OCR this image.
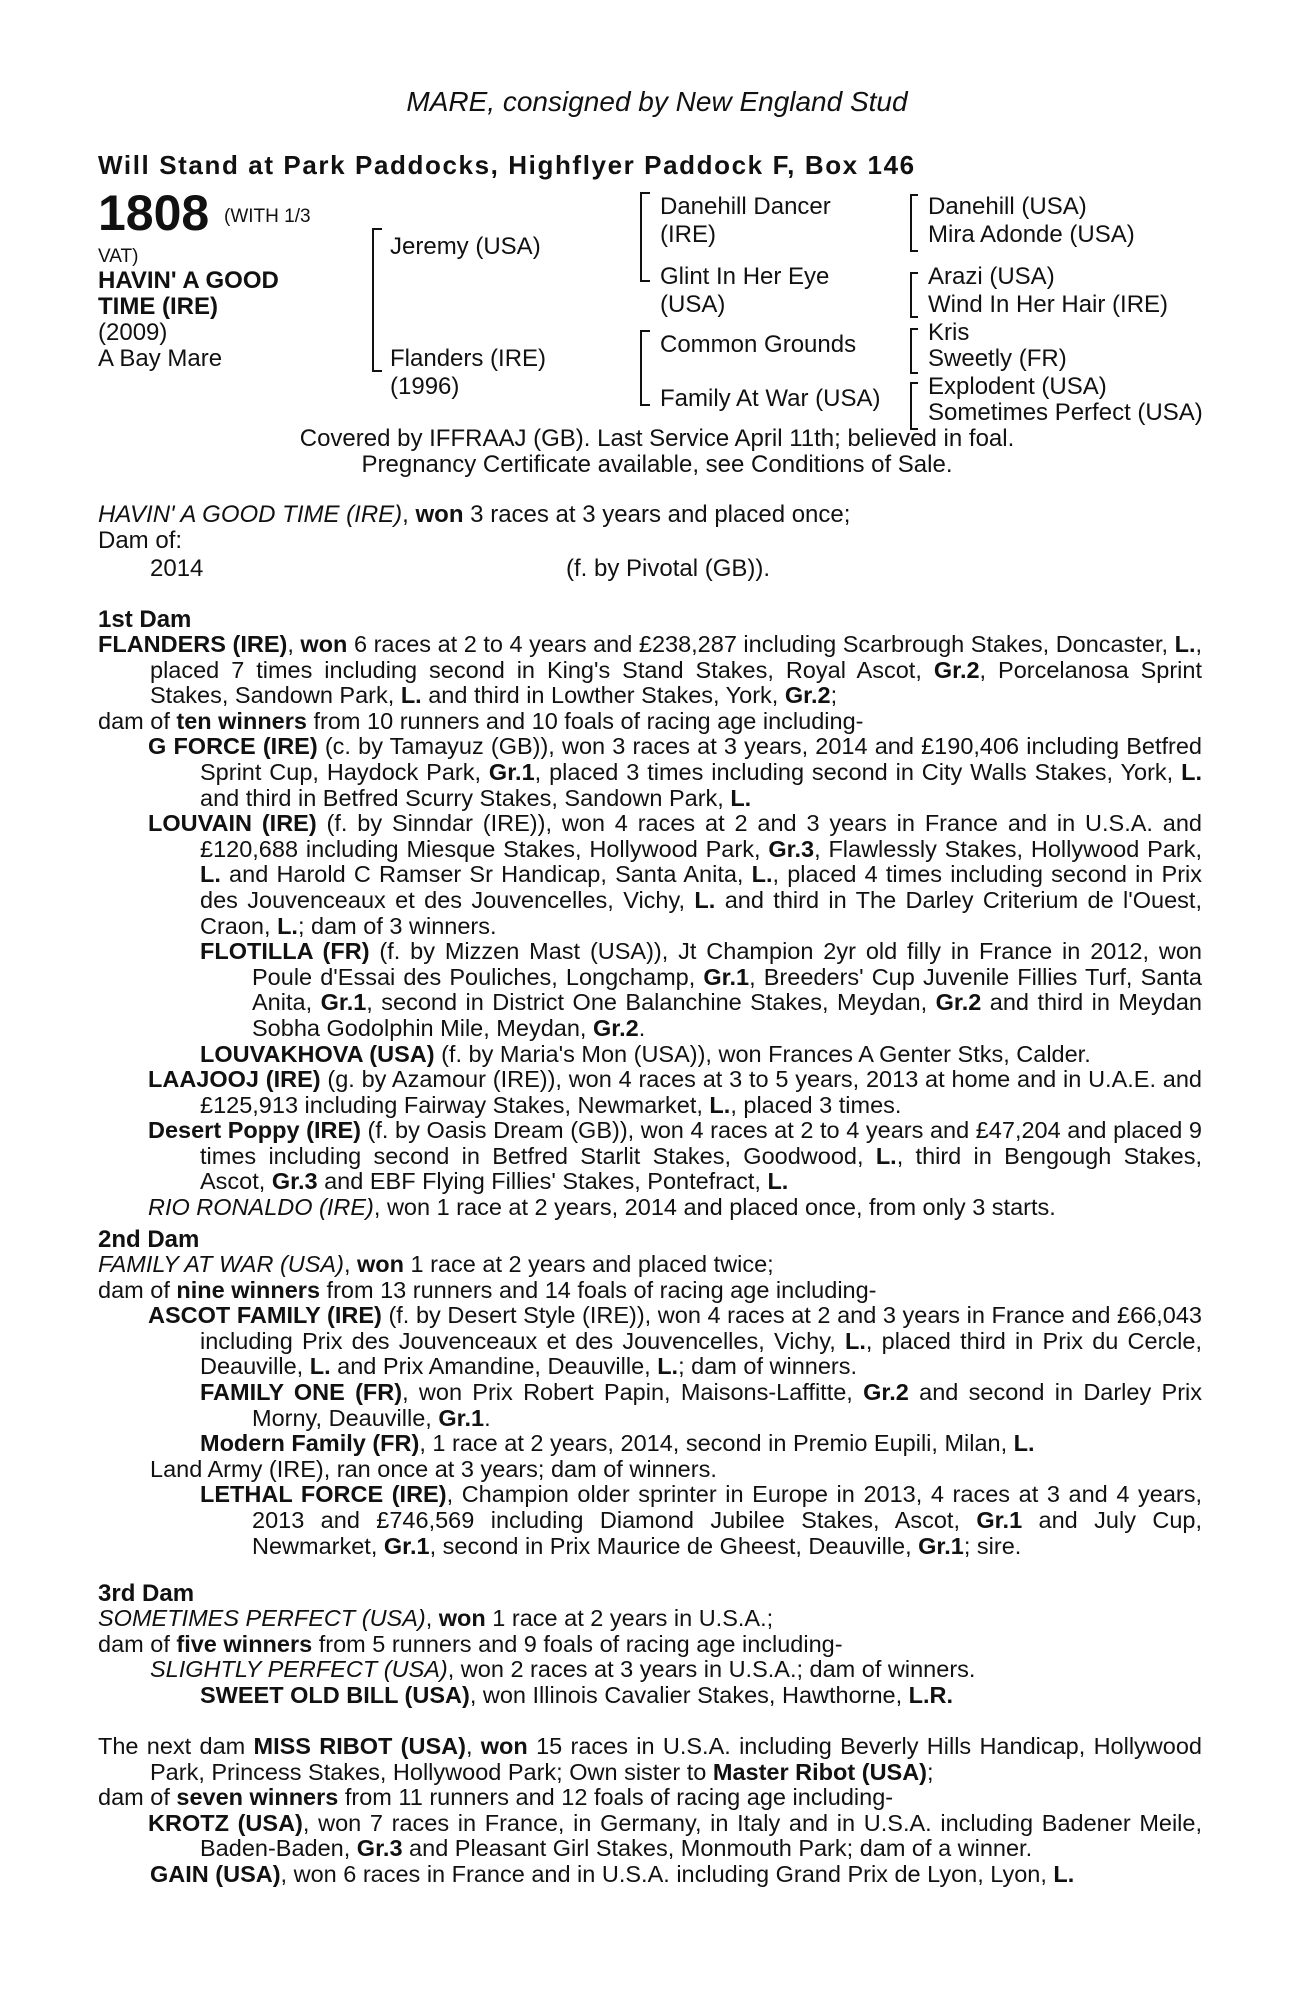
MARE, consigned by New England Stud
Will Stand at Park Paddocks, Highflyer Paddock F, Box 146
1808 (WITH 1/3
VAT)
HAVIN' A GOOD
TIME (IRE)
(2009)
A Bay Mare
Jeremy (USA)
Flanders (IRE)
(1996)
Danehill Dancer
(IRE)
Glint In Her Eye
(USA)
Common Grounds
Family At War (USA)
Danehill (USA)
Mira Adonde (USA)
Arazi (USA)
Wind In Her Hair (IRE)
Kris
Sweetly (FR)
Explodent (USA)
Sometimes Perfect (USA)
Covered by IFFRAAJ (GB). Last Service April 11th; believed in foal.
Pregnancy Certificate available, see Conditions of Sale.
HAVIN' A GOOD TIME (IRE), won 3 races at 3 years and placed once;
Dam of:
2014	(f. by Pivotal (GB)).
1st Dam

FLANDERS (IRE), won 6 races at 2 to 4 years and £238,287 including Scarbrough Stakes, Doncaster, L., placed 7 times including second in King's Stand Stakes, Royal Ascot, Gr.2, Porcelanosa Sprint Stakes, Sandown Park, L. and third in Lowther Stakes, York, Gr.2;

dam of ten winners from 10 runners and 10 foals of racing age including-

G FORCE (IRE) (c. by Tamayuz (GB)), won 3 races at 3 years, 2014 and £190,406 including Betfred Sprint Cup, Haydock Park, Gr.1, placed 3 times including second in City Walls Stakes, York, L. and third in Betfred Scurry Stakes, Sandown Park, L.

LOUVAIN (IRE) (f. by Sinndar (IRE)), won 4 races at 2 and 3 years in France and in U.S.A. and £120,688 including Miesque Stakes, Hollywood Park, Gr.3, Flawlessly Stakes, Hollywood Park, L. and Harold C Ramser Sr Handicap, Santa Anita, L., placed 4 times including second in Prix des Jouvenceaux et des Jouvencelles, Vichy, L. and third in The Darley Criterium de l'Ouest, Craon, L.; dam of 3 winners.

FLOTILLA (FR) (f. by Mizzen Mast (USA)), Jt Champion 2yr old filly in France in 2012, won Poule d'Essai des Pouliches, Longchamp, Gr.1, Breeders' Cup Juvenile Fillies Turf, Santa Anita, Gr.1, second in District One Balanchine Stakes, Meydan, Gr.2 and third in Meydan Sobha Godolphin Mile, Meydan, Gr.2.

LOUVAKHOVA (USA) (f. by Maria's Mon (USA)), won Frances A Genter Stks, Calder.

LAAJOOJ (IRE) (g. by Azamour (IRE)), won 4 races at 3 to 5 years, 2013 at home and in U.A.E. and £125,913 including Fairway Stakes, Newmarket, L., placed 3 times.

Desert Poppy (IRE) (f. by Oasis Dream (GB)), won 4 races at 2 to 4 years and £47,204 and placed 9 times including second in Betfred Starlit Stakes, Goodwood, L., third in Bengough Stakes, Ascot, Gr.3 and EBF Flying Fillies' Stakes, Pontefract, L.

RIO RONALDO (IRE), won 1 race at 2 years, 2014 and placed once, from only 3 starts.

2nd Dam

FAMILY AT WAR (USA), won 1 race at 2 years and placed twice;

dam of nine winners from 13 runners and 14 foals of racing age including-

ASCOT FAMILY (IRE) (f. by Desert Style (IRE)), won 4 races at 2 and 3 years in France and £66,043 including Prix des Jouvenceaux et des Jouvencelles, Vichy, L., placed third in Prix du Cercle, Deauville, L. and Prix Amandine, Deauville, L.; dam of winners.

FAMILY ONE (FR), won Prix Robert Papin, Maisons-Laffitte, Gr.2 and second in Darley Prix Morny, Deauville, Gr.1.

Modern Family (FR), 1 race at 2 years, 2014, second in Premio Eupili, Milan, L.

Land Army (IRE), ran once at 3 years; dam of winners.

LETHAL FORCE (IRE), Champion older sprinter in Europe in 2013, 4 races at 3 and 4 years, 2013 and £746,569 including Diamond Jubilee Stakes, Ascot, Gr.1 and July Cup, Newmarket, Gr.1, second in Prix Maurice de Gheest, Deauville, Gr.1; sire.

3rd Dam

SOMETIMES PERFECT (USA), won 1 race at 2 years in U.S.A.;

dam of five winners from 5 runners and 9 foals of racing age including-

SLIGHTLY PERFECT (USA), won 2 races at 3 years in U.S.A.; dam of winners.

SWEET OLD BILL (USA), won Illinois Cavalier Stakes, Hawthorne, L.R.

The next dam MISS RIBOT (USA), won 15 races in U.S.A. including Beverly Hills Handicap, Hollywood Park, Princess Stakes, Hollywood Park; Own sister to Master Ribot (USA);

dam of seven winners from 11 runners and 12 foals of racing age including-

KROTZ (USA), won 7 races in France, in Germany, in Italy and in U.S.A. including Badener Meile, Baden-Baden, Gr.3 and Pleasant Girl Stakes, Monmouth Park; dam of a winner.

GAIN (USA), won 6 races in France and in U.S.A. including Grand Prix de Lyon, Lyon, L.
